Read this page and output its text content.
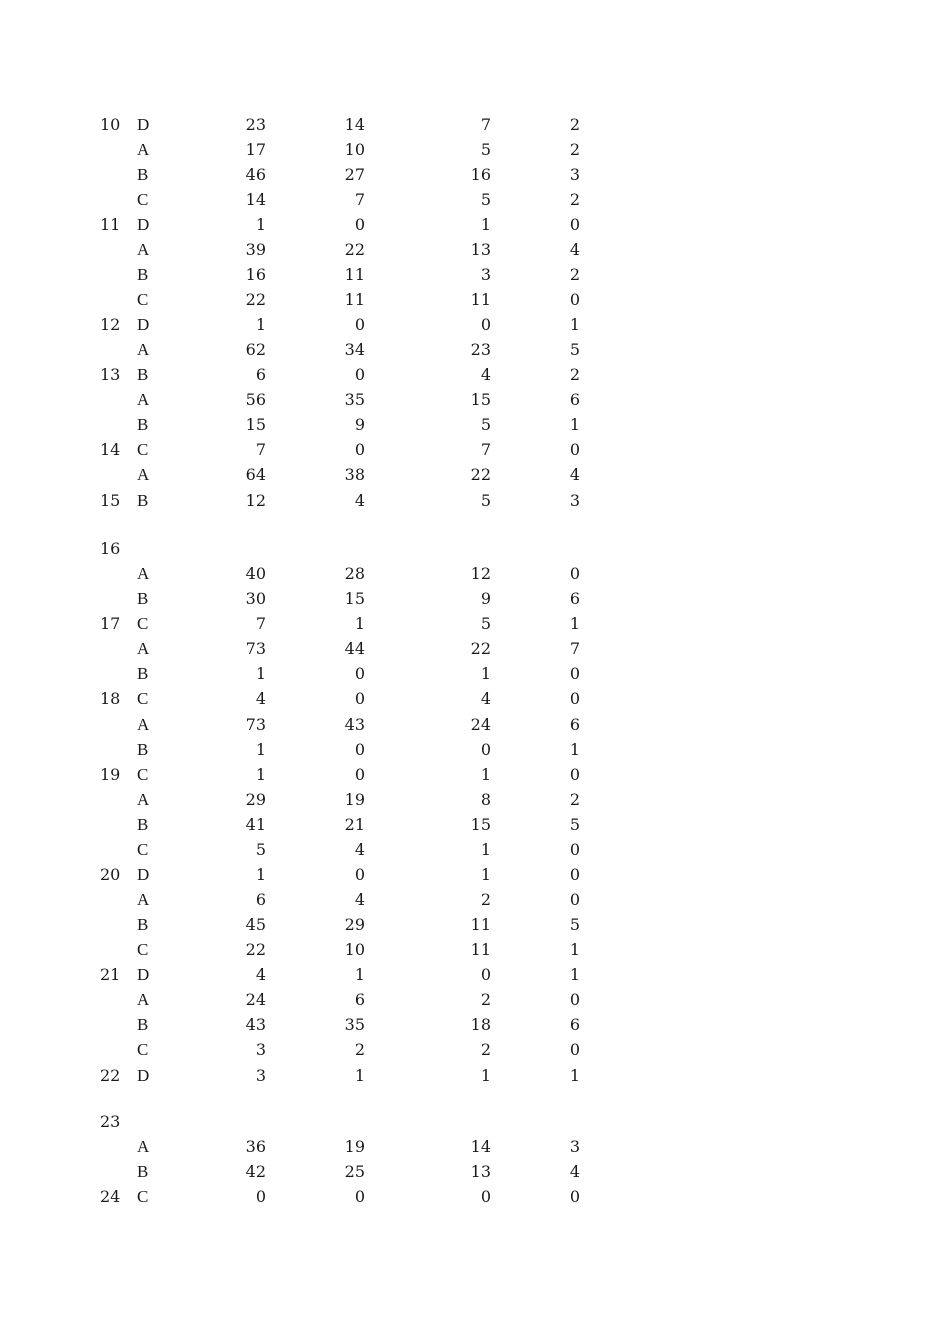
10 D	23	14	7	2
A	17	10	5	2
B	46	27	16	3
C	14	7	5	2
11 D	1	0	1	0
A	39	22	13	4
B	16	11	3	2
C	22	11	11	0
12 D	1	0	0	1
A	62	34	23	5
13 B	6	0	4	2
A	56	35	15	6
B	15	9	5	1
14 C	7	0	7	0
A	64	38	22	4
15 B	12	4	5	3
16
A	40	28	12	0
B	30	15	9	6
17 C	7	1	5	1
A	73	44	22	7
B	1	0	1	0
18 C	4	0	4	0
A	73	43	24	6
B	1	0	0	1
19 C	1	0	1	0
A	29	19	8	2
B	41	21	15	5
C	5	4	1	0
20 D	1	0	1	0
A	6	4	2	0
B	45	29	11	5
C	22	10	11	1
21 D	4	1	0	1
A	24	6	2	0
B	43	35	18	6
C	3	2	2	0
22 D	3	1	1	1
23
A	36	19	14	3
B	42	25	13	4
24 C	0	0	0	0
